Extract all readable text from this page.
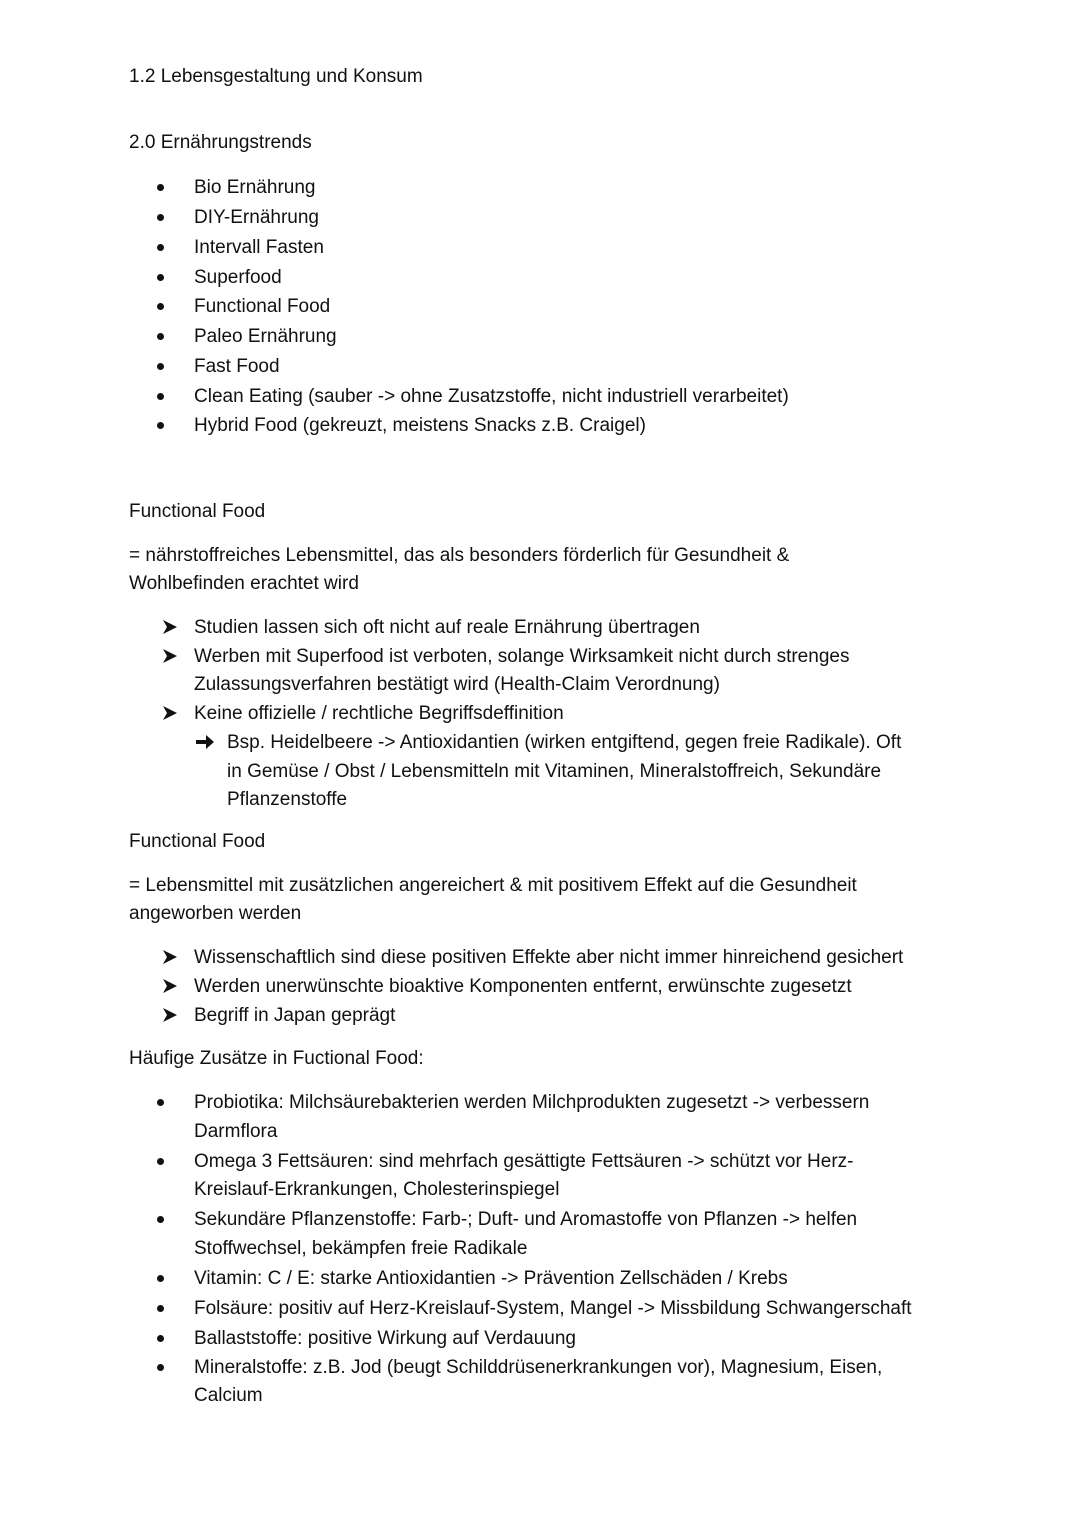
1.2 Lebensgestaltung und Konsum
2.0 Ernährungstrends
Bio Ernährung
DIY-Ernährung
Intervall Fasten
Superfood
Functional Food
Paleo Ernährung
Fast Food
Clean Eating (sauber -> ohne Zusatzstoffe, nicht industriell verarbeitet)
Hybrid Food (gekreuzt, meistens Snacks z.B. Craigel)
Functional Food
= nährstoffreiches Lebensmittel, das als besonders förderlich für Gesundheit &
Wohlbefinden erachtet wird
Studien lassen sich oft nicht auf reale Ernährung übertragen
Werben mit Superfood ist verboten, solange Wirksamkeit nicht durch strenges
Zulassungsverfahren bestätigt wird (Health-Claim Verordnung)
Keine offizielle / rechtliche Begriffsdeffinition
Bsp. Heidelbeere -> Antioxidantien (wirken entgiftend, gegen freie Radikale). Oft
in Gemüse / Obst / Lebensmitteln mit Vitaminen, Mineralstoffreich, Sekundäre
Pflanzenstoffe
Functional Food
= Lebensmittel mit zusätzlichen angereichert & mit positivem Effekt auf die Gesundheit
angeworben werden
Wissenschaftlich sind diese positiven Effekte aber nicht immer hinreichend gesichert
Werden unerwünschte bioaktive Komponenten entfernt, erwünschte zugesetzt
Begriff in Japan geprägt
Häufige Zusätze in Fuctional Food:
Probiotika: Milchsäurebakterien werden Milchprodukten zugesetzt -> verbessern
Darmflora
Omega 3 Fettsäuren: sind mehrfach gesättigte Fettsäuren -> schützt vor Herz-
Kreislauf-Erkrankungen, Cholesterinspiegel
Sekundäre Pflanzenstoffe: Farb-; Duft- und Aromastoffe von Pflanzen -> helfen
Stoffwechsel, bekämpfen freie Radikale
Vitamin: C / E: starke Antioxidantien -> Prävention Zellschäden / Krebs
Folsäure: positiv auf Herz-Kreislauf-System, Mangel -> Missbildung Schwangerschaft
Ballaststoffe: positive Wirkung auf Verdauung
Mineralstoffe: z.B. Jod (beugt Schilddrüsenerkrankungen vor), Magnesium, Eisen,
Calcium
